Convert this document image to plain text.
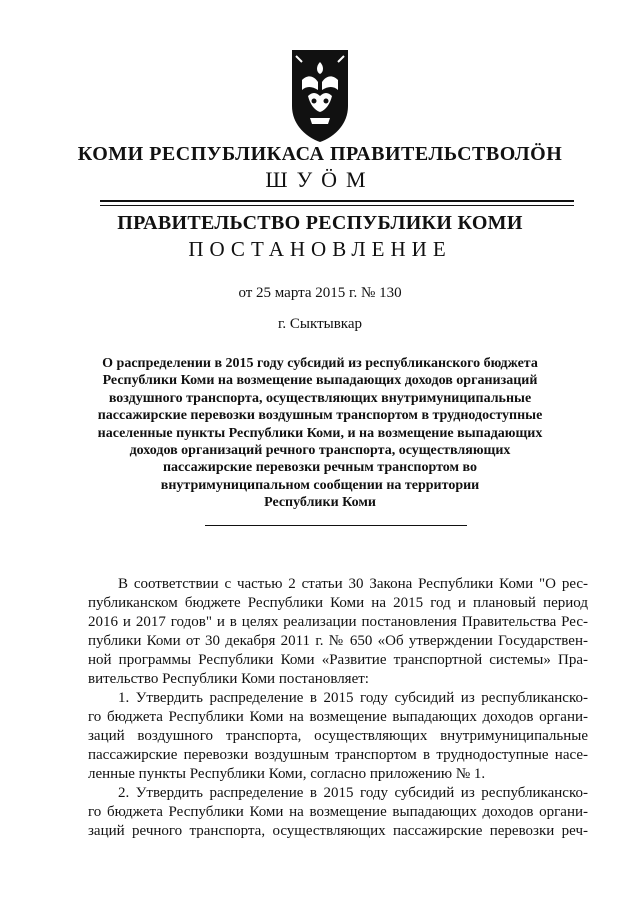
КОМИ РЕСПУБЛИКАСА ПРАВИТЕЛЬСТВОЛÖН
ШУÖМ
ПРАВИТЕЛЬСТВО РЕСПУБЛИКИ КОМИ
ПОСТАНОВЛЕНИЕ
от 25 марта 2015 г. № 130
г. Сыктывкар
О распределении в 2015 году субсидий из республиканского бюджета
Республики Коми на возмещение выпадающих доходов организаций
воздушного транспорта, осуществляющих внутримуниципальные
пассажирские перевозки воздушным транспортом в труднодоступные
населенные пункты Республики Коми, и на возмещение выпадающих
доходов организаций речного транспорта, осуществляющих
пассажирские перевозки речным транспортом во
внутримуниципальном сообщении на территории
Республики Коми
В соответствии с частью 2 статьи 30 Закона Республики Коми "О рес-
публиканском бюджете Республики Коми на 2015 год и плановый период
2016 и 2017 годов" и в целях реализации постановления Правительства Рес-
публики Коми от 30 декабря 2011 г. № 650 «Об утверждении Государствен-
ной программы Республики Коми «Развитие транспортной системы» Пра-
вительство Республики Коми постановляет:
1. Утвердить распределение в 2015 году субсидий из республиканско-
го бюджета Республики Коми на возмещение выпадающих доходов органи-
заций воздушного транспорта, осуществляющих внутримуниципальные
пассажирские перевозки воздушным транспортом в труднодоступные насе-
ленные пункты Республики Коми, согласно приложению № 1.
2. Утвердить распределение в 2015 году субсидий из республиканско-
го бюджета Республики Коми на возмещение выпадающих доходов органи-
заций речного транспорта, осуществляющих пассажирские перевозки реч-
